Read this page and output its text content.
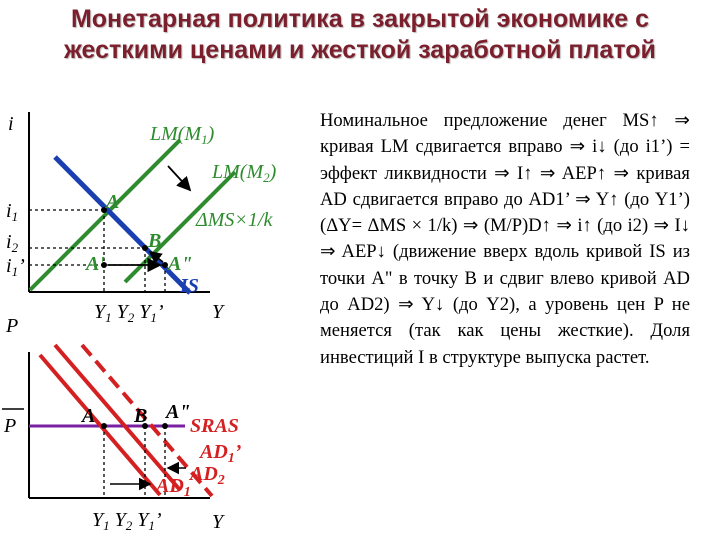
Монетарная политика в закрытой экономике с
жесткими ценами и жесткой заработной платой
i
$i_1$
$i_2$
$i_1$’
Y
$Y_1$ $Y_2$ $Y_1$’
$LM(M_1)$
$LM(M_2)$
ΔMS×1/k
IS
A
B
A'	A"
P
P
Y
$Y_1$ $Y_2$ $Y_1$’
SRAS
$AD_1$’
$AD_2$
$AD_1$
A B A"

Номинальное предложение денег MS↑ ⇒ кривая LM сдвигается вправо ⇒ i↓ (до i1’) = эффект ликвидности ⇒ I↑ ⇒ AEP↑ ⇒ кривая AD сдвигается вправо до AD1’ ⇒ Y↑ (до Y1’) (ΔY= ΔMS × 1/k) ⇒ (M/P)D↑ ⇒ i↑ (до i2) ⇒ I↓ ⇒ AEP↓ (движение вверх вдоль кривой IS из точки А" в точку В и сдвиг влево кривой AD до AD2) ⇒ Y↓ (до Y2), а уровень цен P не меняется (так как цены жесткие). Доля инвестиций I в структуре выпуска растет.
